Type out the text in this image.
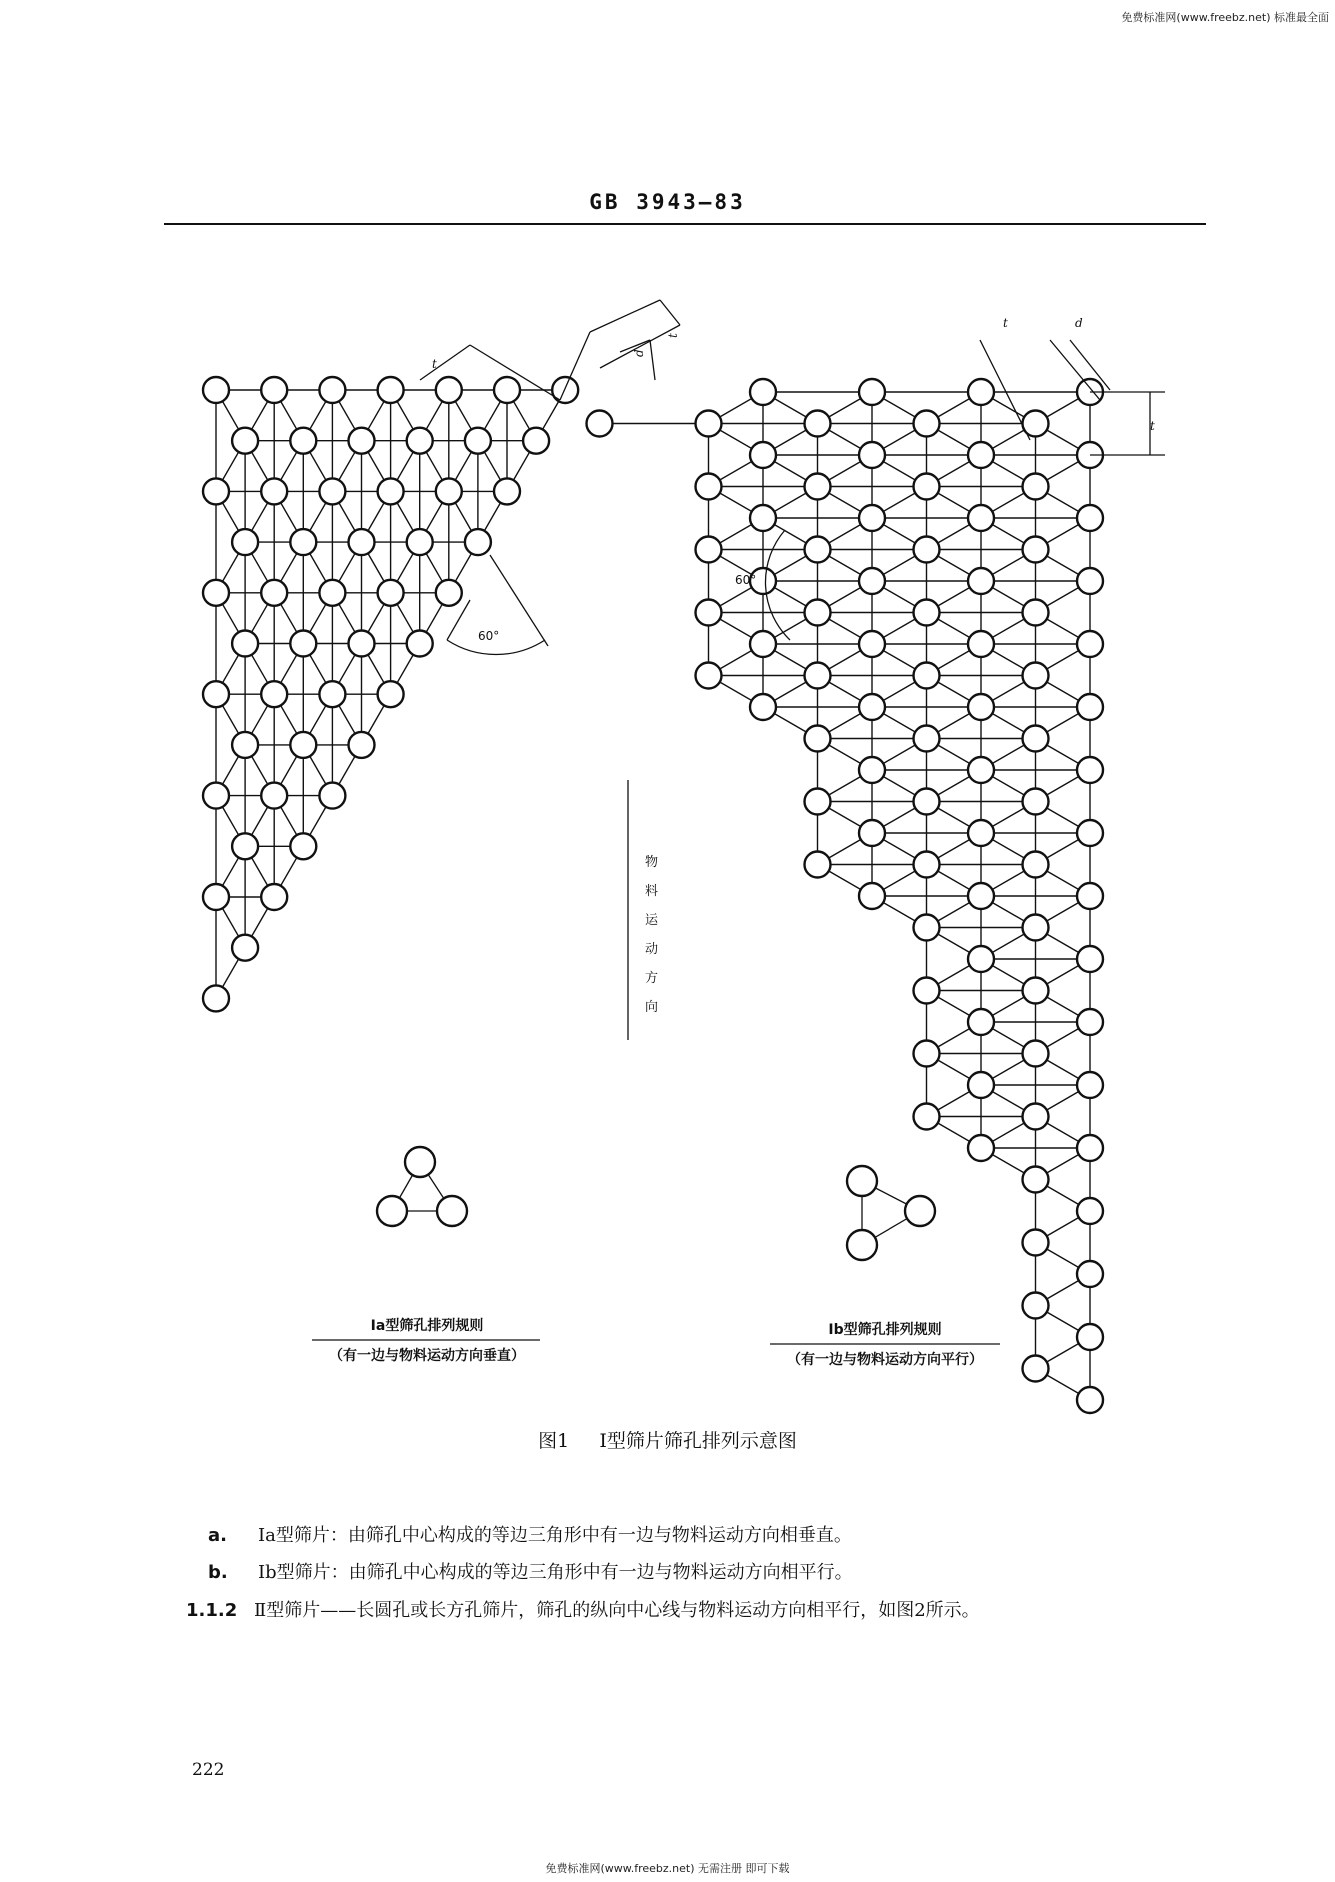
免费标准网(www.freebz.net) 标准最全面
GB 3943—83
60°
t
d
t
60°
t	d
t
物料运动方向
Ia型筛孔排列规则
（有一边与物料运动方向垂直）
Ib型筛孔排列规则
（有一边与物料运动方向平行）
图1 I型筛片筛孔排列示意图
a. Ⅰa型筛片：由筛孔中心构成的等边三角形中有一边与物料运动方向相垂直。
b. Ⅰb型筛片：由筛孔中心构成的等边三角形中有一边与物料运动方向相平行。
1.1.2 Ⅱ型筛片——长圆孔或长方孔筛片，筛孔的纵向中心线与物料运动方向相平行，如图2所示。
222
免费标准网(www.freebz.net) 无需注册 即可下载
